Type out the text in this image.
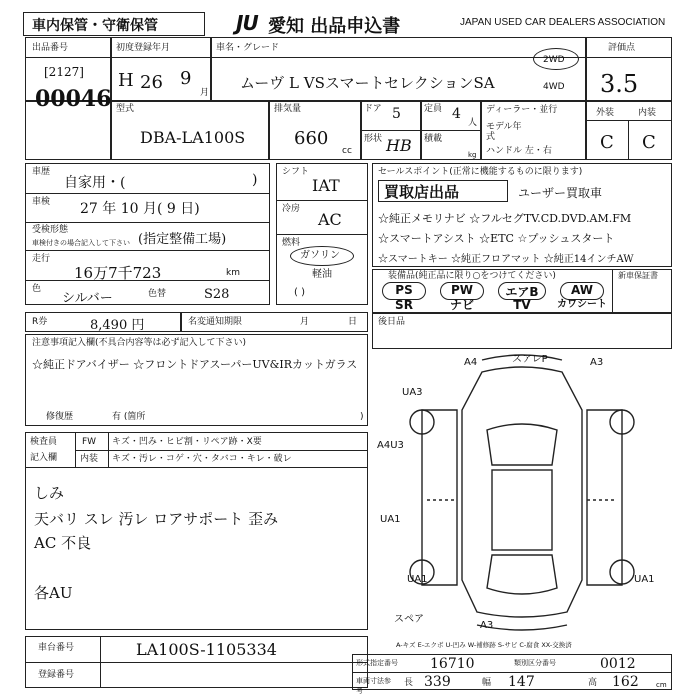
車内保管・守衛保管	JU 愛知 出品申込書	JAPAN USED CAR DEALERS ASSOCIATION
出品番号
[2127]
00046
初度登録年月
H 26 9
月
車名・グレード
ムーヴ L VSスマートセレクションSA
2WD
4WD
評価点
3.5
型式
DBA-LA100S
排気量
660
cc
ドア 5	定員 4
人
形状 HB 積載
kg
ディーラー・並行
モデル年式
ハンドル 左・右
外装	内装
C C
車歴
自家用・(	)
車検 27 年 10 月( 9 日)
受検形態
車検付きの場合記入して下さい (指定整備工場)
走行
16万7千723	km
色
シルバー	色替	S28
シフト
IAT
冷房
AC
燃料
ガソリン
軽油
( )
セールスポイント(正常に機能するものに限ります)
買取店出品	ユーザー買取車
☆純正メモリナビ ☆フルセグTV.CD.DVD.AM.FM
☆スマートアシスト ☆ETC ☆プッシュスタート
☆スマートキー ☆純正フロアマット ☆純正14インチAW
装備品(純正品に限り○をつけてください)	新車保証書
PS	PW	エアB	AW
SR	ナビ	TV	カワシート
R券	8,490 円	名変通知期限	月	日
注意事項記入欄(不具合内容等は必ず記入して下さい)
☆純正ドアバイザー ☆フロントドアスーパーUV&IRカットガラス
修復歴	有 (箇所	)
後日品
検査員
記入欄
FW
内装
キズ・凹み・ヒビ割・リペア跡・X要
キズ・汚レ・コゲ・穴・タバコ・キレ・破レ
しみ
天バリ スレ 汚レ ロアサポート 歪み
AC 不良
各AU
A4	スアレP	A3
UA3
A4U3
UA1
UA1	UA1
スペア
A3
A-キズ E-エクボ U-凹み W-補修跡 S-サビ C-腐食 XX-交換済
車台番号	LA100S-1105334
登録番号
形式指定番号 16710	類別区分番号	0012
車両寸法参考
長 339	幅 147	高 162 cm
